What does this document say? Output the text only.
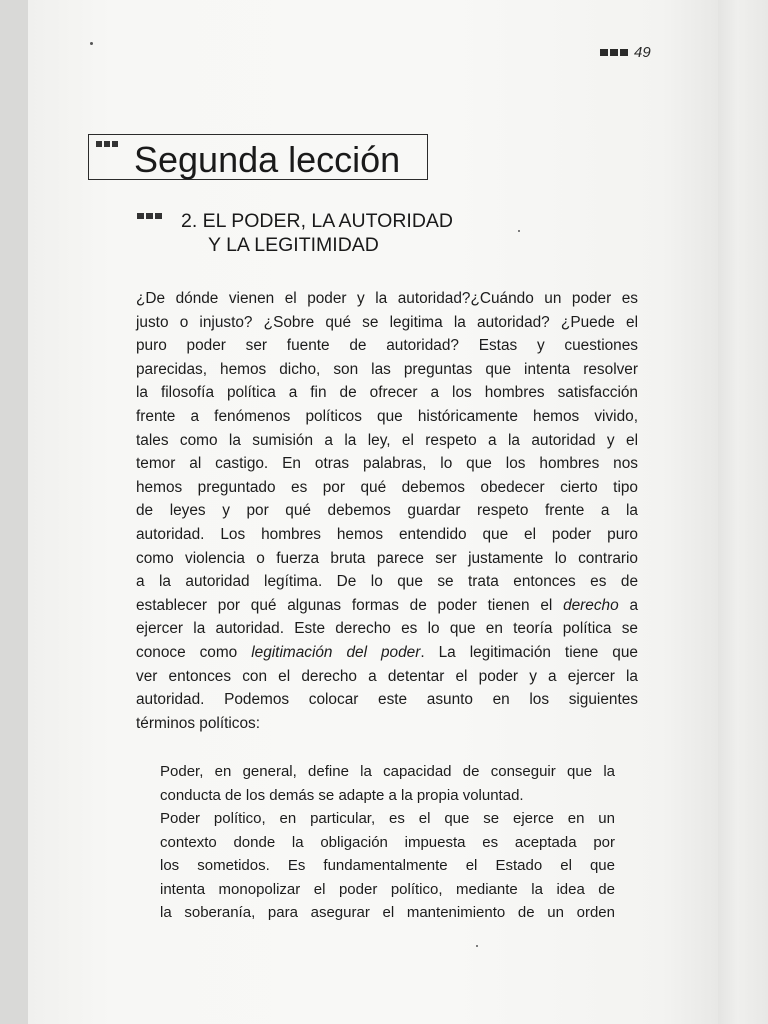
49
Segunda lección
2. EL PODER, LA AUTORIDAD
Y LA LEGITIMIDAD
¿De dónde vienen el poder y la autoridad?¿Cuándo un poder es
justo o injusto? ¿Sobre qué se legitima la autoridad? ¿Puede el
puro poder ser fuente de autoridad? Estas y cuestiones
parecidas, hemos dicho, son las preguntas que intenta resolver
la filosofía política a fin de ofrecer a los hombres satisfacción
frente a fenómenos políticos que históricamente hemos vivido,
tales como la sumisión a la ley, el respeto a la autoridad y el
temor al castigo. En otras palabras, lo que los hombres nos
hemos preguntado es por qué debemos obedecer cierto tipo
de leyes y por qué debemos guardar respeto frente a la
autoridad. Los hombres hemos entendido que el poder puro
como violencia o fuerza bruta parece ser justamente lo contrario
a la autoridad legítima. De lo que se trata entonces es de
establecer por qué algunas formas de poder tienen el derecho a
ejercer la autoridad. Este derecho es lo que en teoría política se
conoce como legitimación del poder. La legitimación tiene que
ver entonces con el derecho a detentar el poder y a ejercer la
autoridad. Podemos colocar este asunto en los siguientes
términos políticos:
Poder, en general, define la capacidad de conseguir que la
conducta de los demás se adapte a la propia voluntad.
Poder político, en particular, es el que se ejerce en un
contexto donde la obligación impuesta es aceptada por
los sometidos. Es fundamentalmente el Estado el que
intenta monopolizar el poder político, mediante la idea de
la soberanía, para asegurar el mantenimiento de un orden
